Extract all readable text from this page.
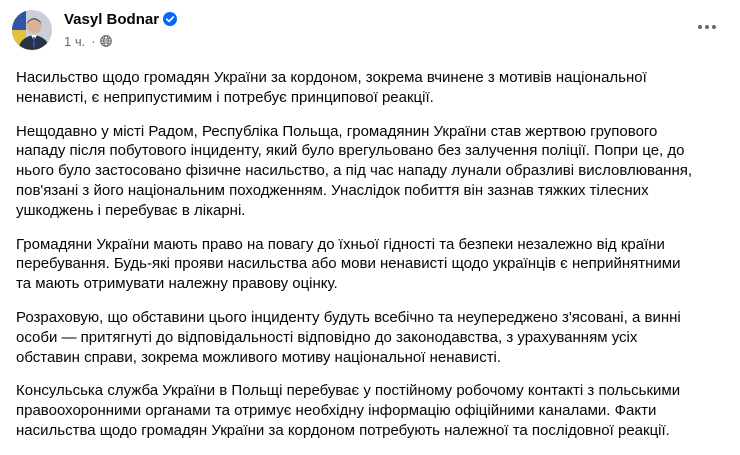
Vasyl Bodnar
1 ч. ·

Насильство щодо громадян України за кордоном, зокрема вчинене з мотивів національної
ненависті, є неприпустимим і потребує принципової реакції.

Нещодавно у місті Радом, Республіка Польща, громадянин України став жертвою групового
нападу після побутового інциденту, який було врегульовано без залучення поліції. Попри це, до
нього було застосовано фізичне насильство, а під час нападу лунали образливі висловлювання,
пов'язані з його національним походженням. Унаслідок побиття він зазнав тяжких тілесних
ушкоджень і перебуває в лікарні.

Громадяни України мають право на повагу до їхньої гідності та безпеки незалежно від країни
перебування. Будь-які прояви насильства або мови ненависті щодо українців є неприйнятними
та мають отримувати належну правову оцінку.

Розраховую, що обставини цього інциденту будуть всебічно та неупереджено з'ясовані, а винні
особи — притягнуті до відповідальності відповідно до законодавства, з урахуванням усіх
обставин справи, зокрема можливого мотиву національної ненависті.

Консульська служба України в Польщі перебуває у постійному робочому контакті з польськими
правоохоронними органами та отримує необхідну інформацію офіційними каналами. Факти
насильства щодо громадян України за кордоном потребують належної та послідовної реакції.
